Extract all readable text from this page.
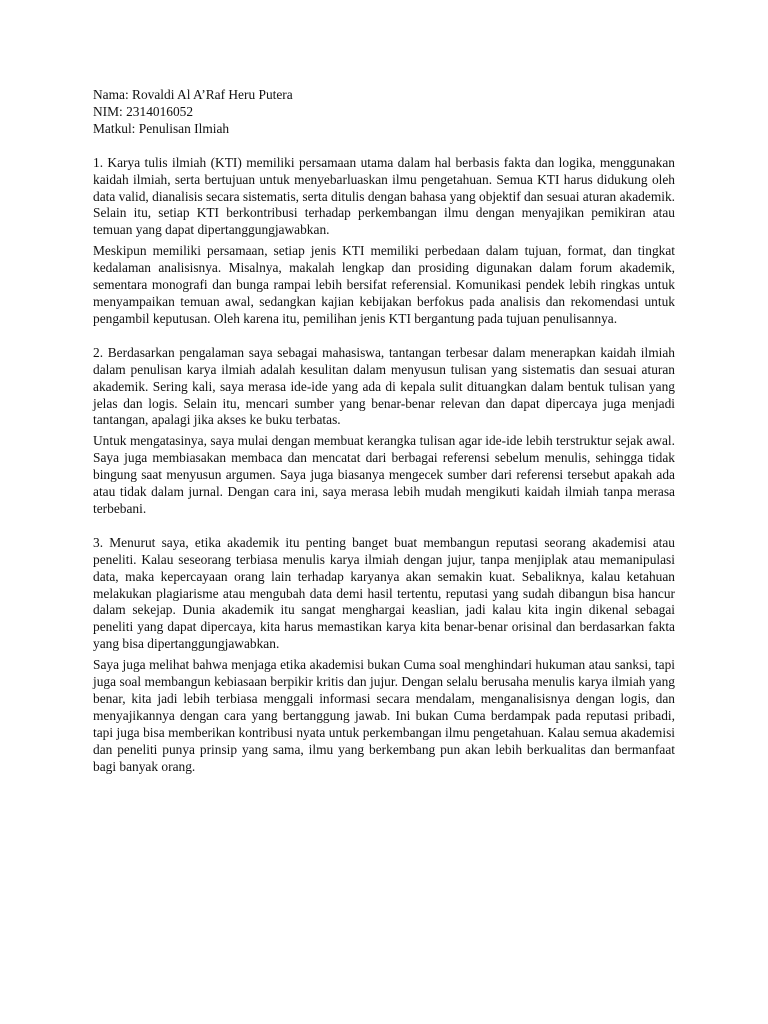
Nama: Rovaldi Al A’Raf Heru Putera

NIM: 2314016052

Matkul: Penulisan Ilmiah

1. Karya tulis ilmiah (KTI) memiliki persamaan utama dalam hal berbasis fakta dan logika, menggunakan kaidah ilmiah, serta bertujuan untuk menyebarluaskan ilmu pengetahuan. Semua KTI harus didukung oleh data valid, dianalisis secara sistematis, serta ditulis dengan bahasa yang objektif dan sesuai aturan akademik. Selain itu, setiap KTI berkontribusi terhadap perkembangan ilmu dengan menyajikan pemikiran atau temuan yang dapat dipertanggungjawabkan.

Meskipun memiliki persamaan, setiap jenis KTI memiliki perbedaan dalam tujuan, format, dan tingkat kedalaman analisisnya. Misalnya, makalah lengkap dan prosiding digunakan dalam forum akademik, sementara monografi dan bunga rampai lebih bersifat referensial. Komunikasi pendek lebih ringkas untuk menyampaikan temuan awal, sedangkan kajian kebijakan berfokus pada analisis dan rekomendasi untuk pengambil keputusan. Oleh karena itu, pemilihan jenis KTI bergantung pada tujuan penulisannya.

2. Berdasarkan pengalaman saya sebagai mahasiswa, tantangan terbesar dalam menerapkan kaidah ilmiah dalam penulisan karya ilmiah adalah kesulitan dalam menyusun tulisan yang sistematis dan sesuai aturan akademik. Sering kali, saya merasa ide-ide yang ada di kepala sulit dituangkan dalam bentuk tulisan yang jelas dan logis. Selain itu, mencari sumber yang benar-benar relevan dan dapat dipercaya juga menjadi tantangan, apalagi jika akses ke buku terbatas.

Untuk mengatasinya, saya mulai dengan membuat kerangka tulisan agar ide-ide lebih terstruktur sejak awal. Saya juga membiasakan membaca dan mencatat dari berbagai referensi sebelum menulis, sehingga tidak bingung saat menyusun argumen. Saya juga biasanya mengecek sumber dari referensi tersebut apakah ada atau tidak dalam jurnal. Dengan cara ini, saya merasa lebih mudah mengikuti kaidah ilmiah tanpa merasa terbebani.

3. Menurut saya, etika akademik itu penting banget buat membangun reputasi seorang akademisi atau peneliti. Kalau seseorang terbiasa menulis karya ilmiah dengan jujur, tanpa menjiplak atau memanipulasi data, maka kepercayaan orang lain terhadap karyanya akan semakin kuat. Sebaliknya, kalau ketahuan melakukan plagiarisme atau mengubah data demi hasil tertentu, reputasi yang sudah dibangun bisa hancur dalam sekejap. Dunia akademik itu sangat menghargai keaslian, jadi kalau kita ingin dikenal sebagai peneliti yang dapat dipercaya, kita harus memastikan karya kita benar-benar orisinal dan berdasarkan fakta yang bisa dipertanggungjawabkan.

Saya juga melihat bahwa menjaga etika akademisi bukan Cuma soal menghindari hukuman atau sanksi, tapi juga soal membangun kebiasaan berpikir kritis dan jujur. Dengan selalu berusaha menulis karya ilmiah yang benar, kita jadi lebih terbiasa menggali informasi secara mendalam, menganalisisnya dengan logis, dan menyajikannya dengan cara yang bertanggung jawab. Ini bukan Cuma berdampak pada reputasi pribadi, tapi juga bisa memberikan kontribusi nyata untuk perkembangan ilmu pengetahuan. Kalau semua akademisi dan peneliti punya prinsip yang sama, ilmu yang berkembang pun akan lebih berkualitas dan bermanfaat bagi banyak orang.
